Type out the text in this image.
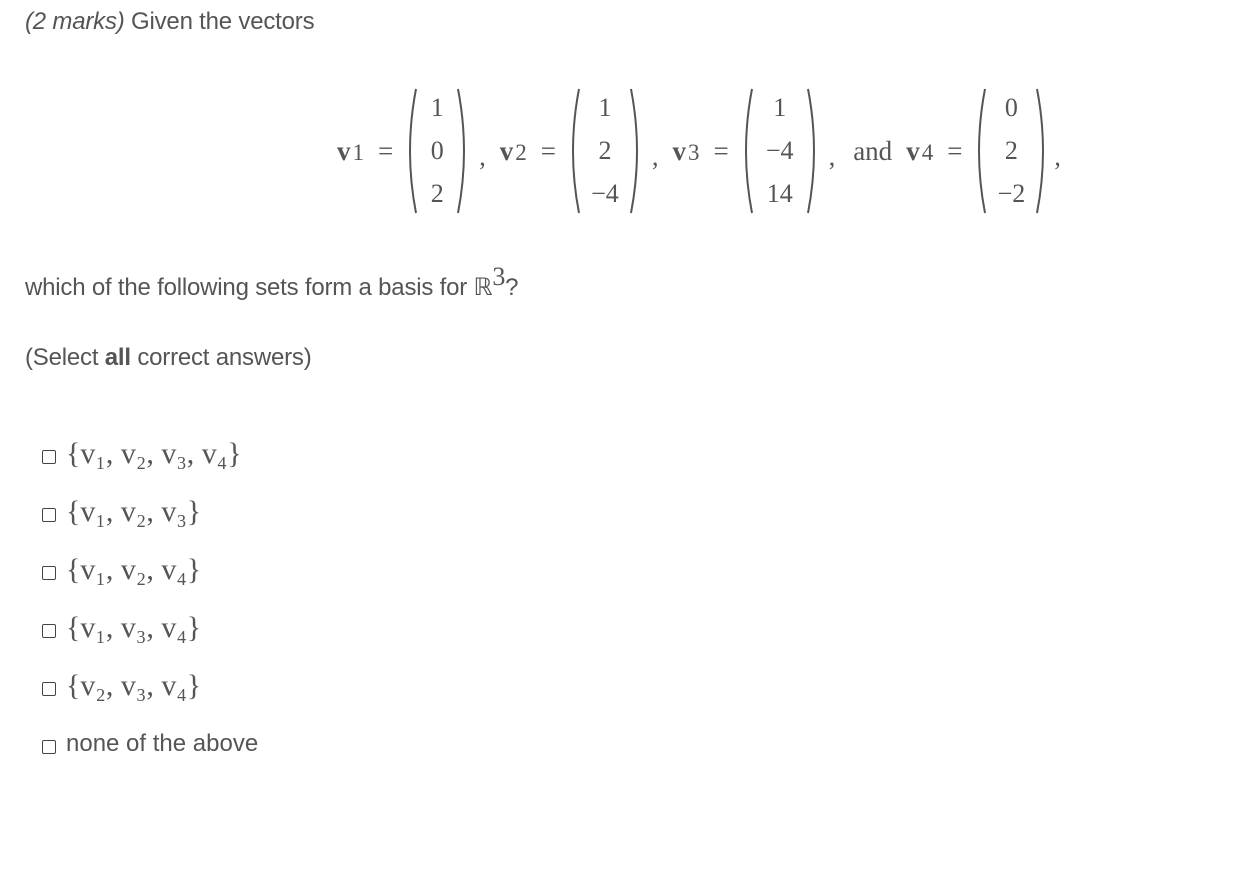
(2 marks) Given the vectors
v 1 =
1
0
2
, v 2 =
1
2
−4
, v 3 =
1
−4
14
, and v 4 =
0
2
−2
,
which of the following sets form a basis for ℝ$^3$?
(Select all correct answers)
{v₁, v₂, v₃, v₄}
{v₁, v₂, v₃}
{v₁, v₂, v₄}
{v₁, v₃, v₄}
{v₂, v₃, v₄}
none of the above
